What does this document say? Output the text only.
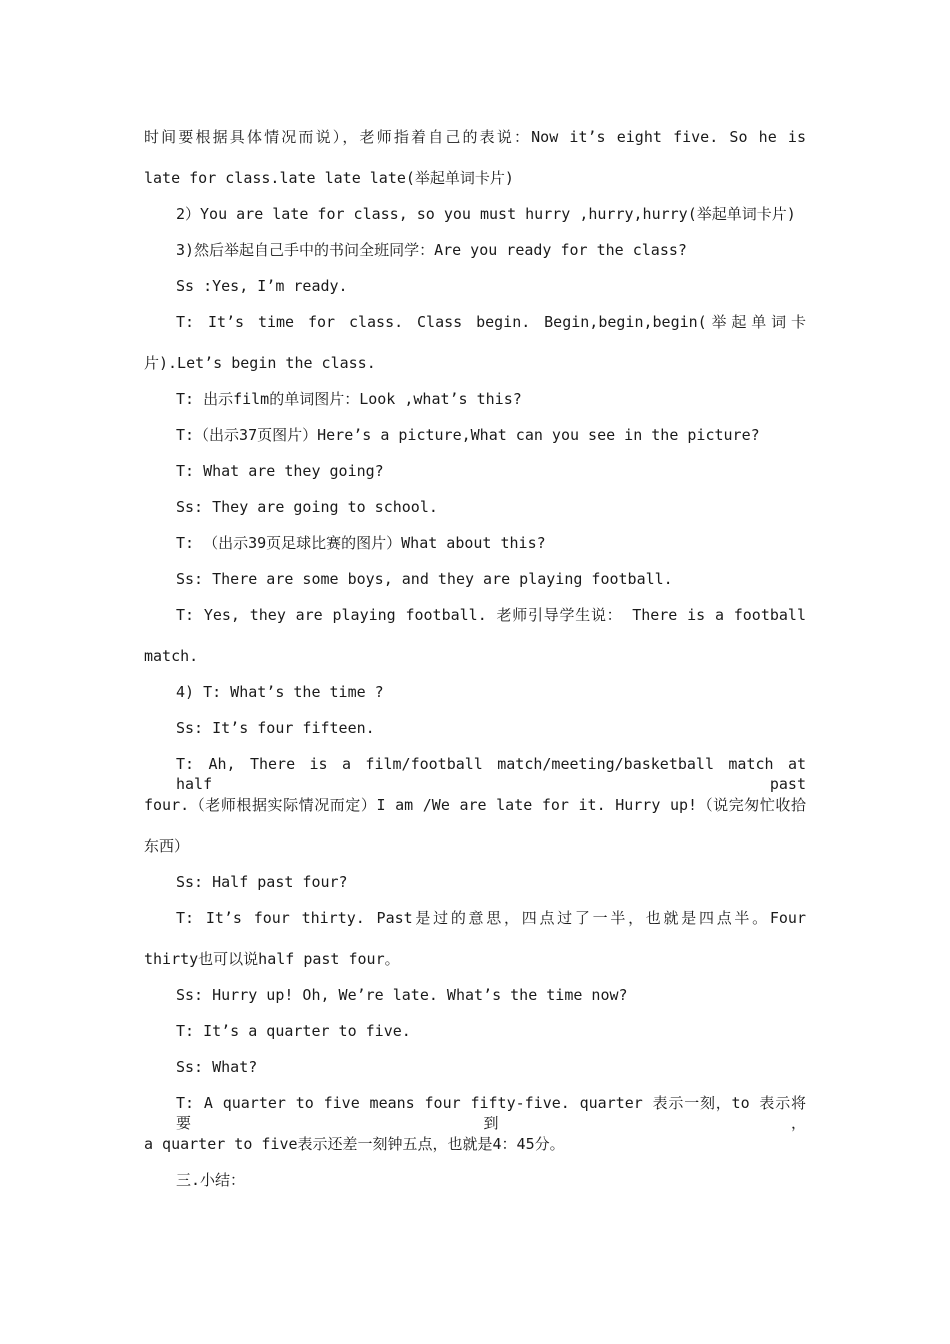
时间要根据具体情况而说），老师指着自己的表说：Now it’s eight five. So he is
late for class.late late late(举起单词卡片)
2）You are late for class, so you must hurry ,hurry,hurry(举起单词卡片)
3)然后举起自己手中的书问全班同学：Are you ready for the class?
Ss :Yes, I’m ready.
T: It’s time for class. Class begin. Begin,begin,begin(举起单词卡
片).Let’s begin the class.
T: 出示film的单词图片：Look ,what’s this?
T:（出示37页图片）Here’s a picture,What can you see in the picture?
T: What are they going?
Ss: They are going to school.
T: （出示39页足球比赛的图片）What about this?
Ss: There are some boys, and they are playing football.
T: Yes, they are playing football. 老师引导学生说： There is a football
match.
4) T: What’s the time ?
Ss: It’s four fifteen.
T: Ah, There is a film/football match/meeting/basketball match at half past
four.（老师根据实际情况而定）I am /We are late for it. Hurry up!（说完匆忙收拾
东西）
Ss: Half past four?
T: It’s four thirty. Past是过的意思，四点过了一半，也就是四点半。Four
thirty也可以说half past four。
Ss: Hurry up! Oh, We’re late. What’s the time now?
T: It’s a quarter to five.
Ss: What?
T: A quarter to five means four fifty-five. quarter 表示一刻，to 表示将要到，
a quarter to five表示还差一刻钟五点，也就是4：45分。
三.小结：
